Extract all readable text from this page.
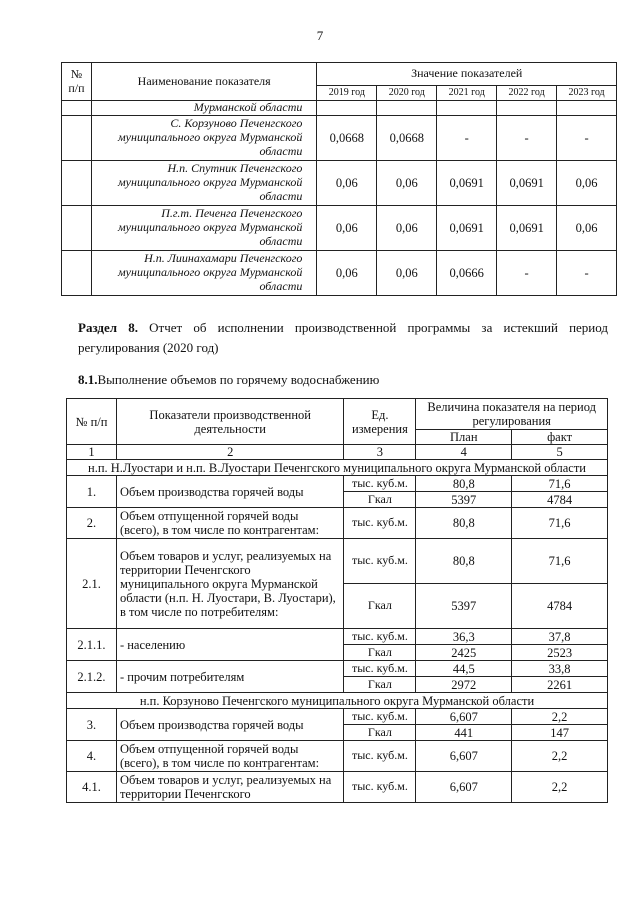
7
№ п/п	Наименование показателя	Значение показателей				
		2019 год	2020 год	2021 год	2022 год	2023 год
	Мурманской области					
	С. Корзуново Печенгского муниципального округа Мурманской области	0,0668	0,0668	-	-	-
	Н.п. Спутник Печенгского муниципального округа Мурманской области	0,06	0,06	0,0691	0,0691	0,06
	П.г.т. Печенга Печенгского муниципального округа Мурманской области	0,06	0,06	0,0691	0,0691	0,06
	Н.п. Лиинахамари Печенгского муниципального округа Мурманской области	0,06	0,06	0,0666	-	-
Раздел 8. Отчет об исполнении производственной программы за истекший период регулирования (2020 год)
8.1.Выполнение объемов по горячему водоснабжению
№ п/п	Показатели производственной деятельности	Ед. измерения	Величина показателя на период регулирования	
			План	факт
1	2	3	4	5
н.п. Н.Луостари и н.п. В.Луостари Печенгского муниципального округа Мурманской области				
1.	Объем производства горячей воды	тыс. куб.м.	80,8	71,6
		Гкал	5397	4784
2.	Объем отпущенной горячей воды (всего), в том числе по контрагентам:	тыс. куб.м.	80,8	71,6
2.1.	Объем товаров и услуг, реализуемых на территории Печенгского муниципального округа Мурманской области (н.п. Н. Луостари, В. Луостари), в том числе по потребителям:	тыс. куб.м.	80,8	71,6
		Гкал	5397	4784
2.1.1.	- населению	тыс. куб.м.	36,3	37,8
		Гкал	2425	2523
2.1.2.	- прочим потребителям	тыс. куб.м.	44,5	33,8
		Гкал	2972	2261
н.п. Корзуново Печенгского муниципального округа Мурманской области				
3.	Объем производства горячей воды	тыс. куб.м.	6,607	2,2
		Гкал	441	147
4.	Объем отпущенной горячей воды (всего), в том числе по контрагентам:	тыс. куб.м.	6,607	2,2
4.1.	Объем товаров и услуг, реализуемых на территории Печенгского	тыс. куб.м.	6,607	2,2
